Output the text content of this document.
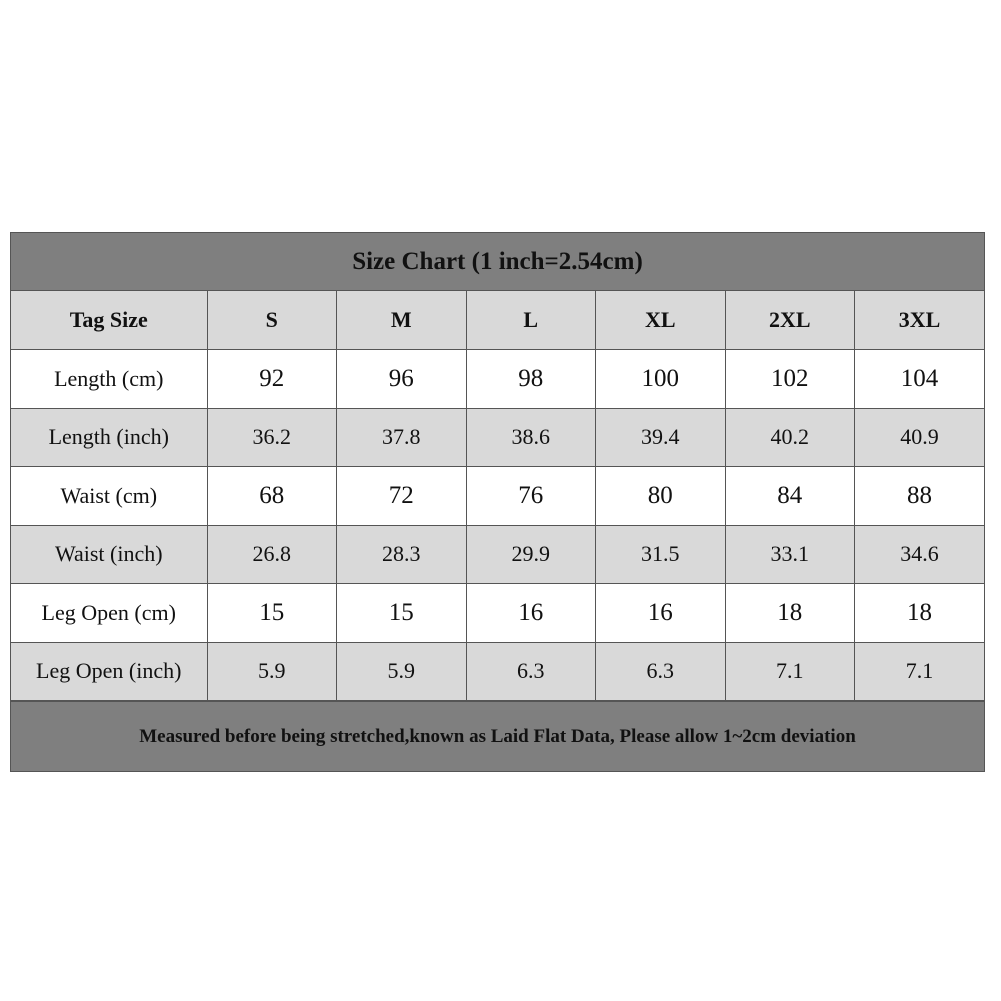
Size Chart (1 inch=2.54cm)
Tag Size	S	M	L	XL	2XL	3XL
Length (cm)	92	96	98	100	102	104
Length (inch)	36.2	37.8	38.6	39.4	40.2	40.9
Waist (cm)	68	72	76	80	84	88
Waist (inch)	26.8	28.3	29.9	31.5	33.1	34.6
Leg Open (cm)	15	15	16	16	18	18
Leg Open (inch)	5.9	5.9	6.3	6.3	7.1	7.1
Measured before being stretched,known as Laid Flat Data, Please allow 1~2cm deviation
